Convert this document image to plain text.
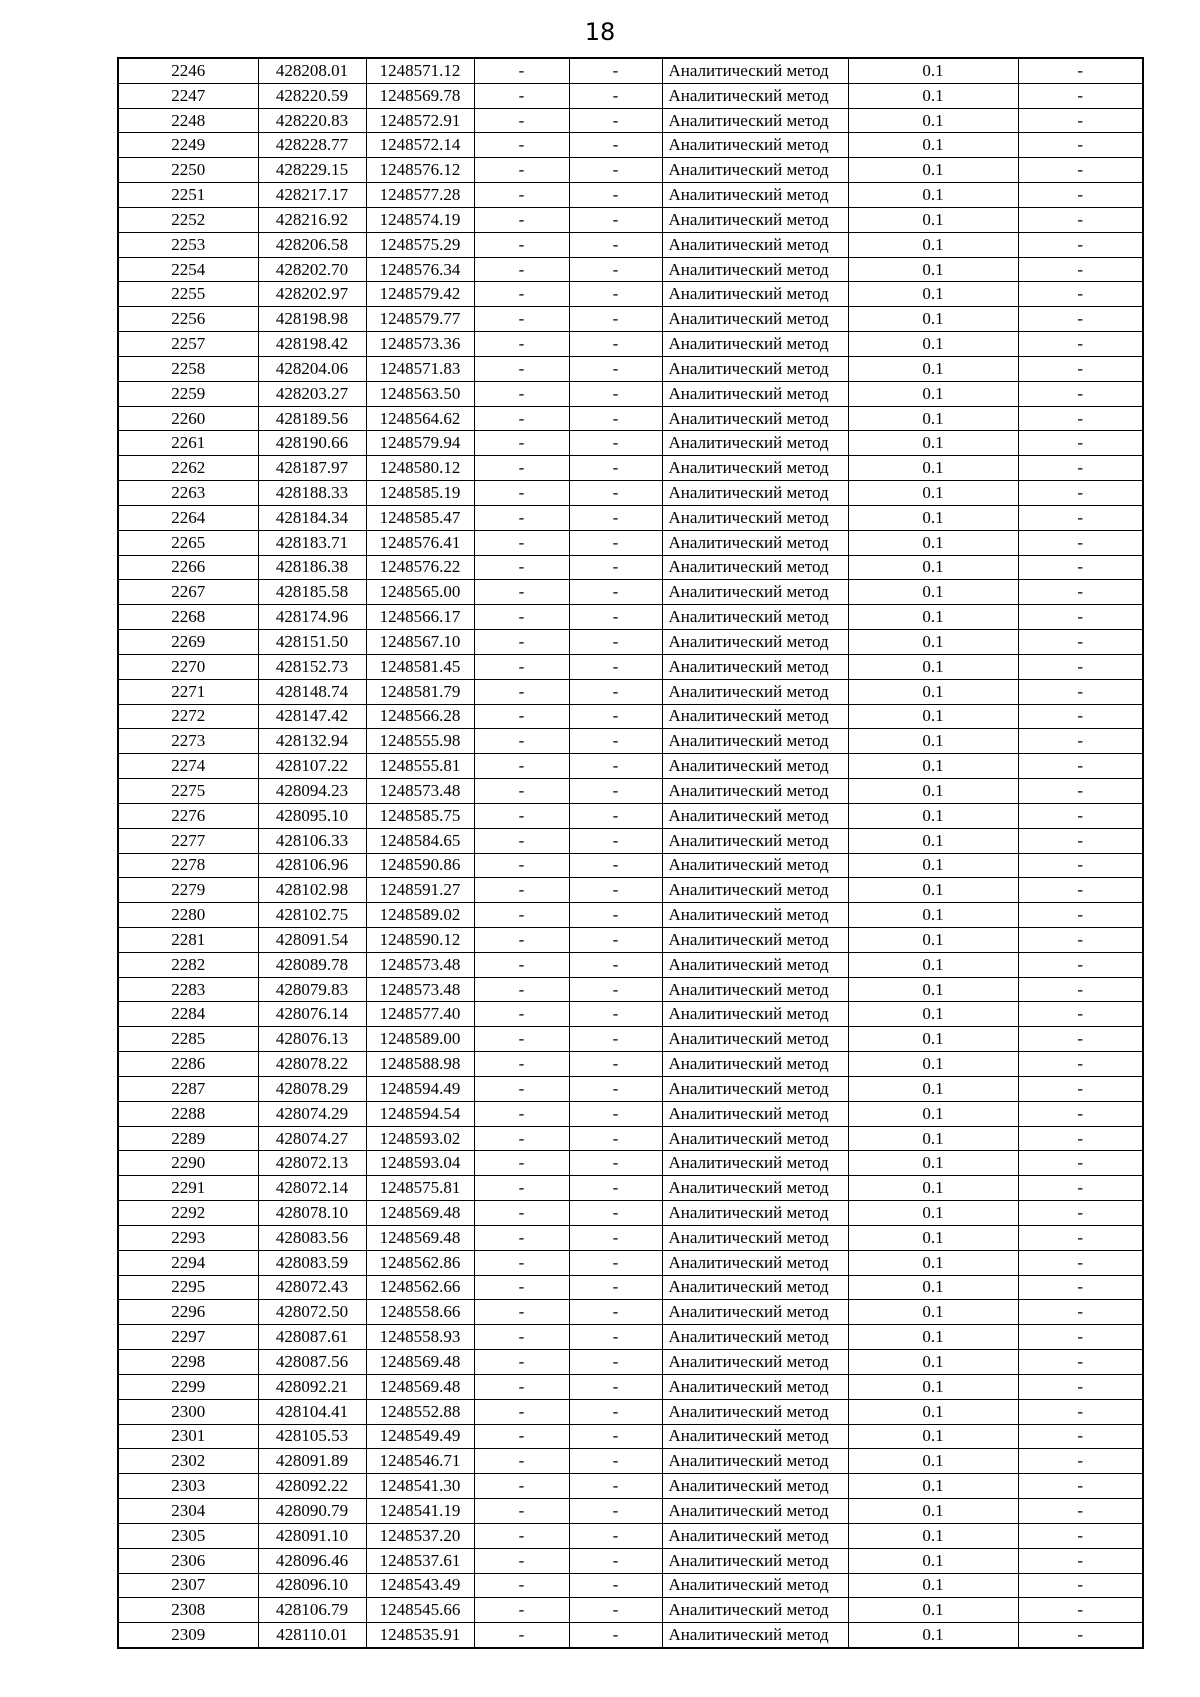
18
2246	428208.01	1248571.12	-	-	Аналитический метод	0.1	-
2247	428220.59	1248569.78	-	-	Аналитический метод	0.1	-
2248	428220.83	1248572.91	-	-	Аналитический метод	0.1	-
2249	428228.77	1248572.14	-	-	Аналитический метод	0.1	-
2250	428229.15	1248576.12	-	-	Аналитический метод	0.1	-
2251	428217.17	1248577.28	-	-	Аналитический метод	0.1	-
2252	428216.92	1248574.19	-	-	Аналитический метод	0.1	-
2253	428206.58	1248575.29	-	-	Аналитический метод	0.1	-
2254	428202.70	1248576.34	-	-	Аналитический метод	0.1	-
2255	428202.97	1248579.42	-	-	Аналитический метод	0.1	-
2256	428198.98	1248579.77	-	-	Аналитический метод	0.1	-
2257	428198.42	1248573.36	-	-	Аналитический метод	0.1	-
2258	428204.06	1248571.83	-	-	Аналитический метод	0.1	-
2259	428203.27	1248563.50	-	-	Аналитический метод	0.1	-
2260	428189.56	1248564.62	-	-	Аналитический метод	0.1	-
2261	428190.66	1248579.94	-	-	Аналитический метод	0.1	-
2262	428187.97	1248580.12	-	-	Аналитический метод	0.1	-
2263	428188.33	1248585.19	-	-	Аналитический метод	0.1	-
2264	428184.34	1248585.47	-	-	Аналитический метод	0.1	-
2265	428183.71	1248576.41	-	-	Аналитический метод	0.1	-
2266	428186.38	1248576.22	-	-	Аналитический метод	0.1	-
2267	428185.58	1248565.00	-	-	Аналитический метод	0.1	-
2268	428174.96	1248566.17	-	-	Аналитический метод	0.1	-
2269	428151.50	1248567.10	-	-	Аналитический метод	0.1	-
2270	428152.73	1248581.45	-	-	Аналитический метод	0.1	-
2271	428148.74	1248581.79	-	-	Аналитический метод	0.1	-
2272	428147.42	1248566.28	-	-	Аналитический метод	0.1	-
2273	428132.94	1248555.98	-	-	Аналитический метод	0.1	-
2274	428107.22	1248555.81	-	-	Аналитический метод	0.1	-
2275	428094.23	1248573.48	-	-	Аналитический метод	0.1	-
2276	428095.10	1248585.75	-	-	Аналитический метод	0.1	-
2277	428106.33	1248584.65	-	-	Аналитический метод	0.1	-
2278	428106.96	1248590.86	-	-	Аналитический метод	0.1	-
2279	428102.98	1248591.27	-	-	Аналитический метод	0.1	-
2280	428102.75	1248589.02	-	-	Аналитический метод	0.1	-
2281	428091.54	1248590.12	-	-	Аналитический метод	0.1	-
2282	428089.78	1248573.48	-	-	Аналитический метод	0.1	-
2283	428079.83	1248573.48	-	-	Аналитический метод	0.1	-
2284	428076.14	1248577.40	-	-	Аналитический метод	0.1	-
2285	428076.13	1248589.00	-	-	Аналитический метод	0.1	-
2286	428078.22	1248588.98	-	-	Аналитический метод	0.1	-
2287	428078.29	1248594.49	-	-	Аналитический метод	0.1	-
2288	428074.29	1248594.54	-	-	Аналитический метод	0.1	-
2289	428074.27	1248593.02	-	-	Аналитический метод	0.1	-
2290	428072.13	1248593.04	-	-	Аналитический метод	0.1	-
2291	428072.14	1248575.81	-	-	Аналитический метод	0.1	-
2292	428078.10	1248569.48	-	-	Аналитический метод	0.1	-
2293	428083.56	1248569.48	-	-	Аналитический метод	0.1	-
2294	428083.59	1248562.86	-	-	Аналитический метод	0.1	-
2295	428072.43	1248562.66	-	-	Аналитический метод	0.1	-
2296	428072.50	1248558.66	-	-	Аналитический метод	0.1	-
2297	428087.61	1248558.93	-	-	Аналитический метод	0.1	-
2298	428087.56	1248569.48	-	-	Аналитический метод	0.1	-
2299	428092.21	1248569.48	-	-	Аналитический метод	0.1	-
2300	428104.41	1248552.88	-	-	Аналитический метод	0.1	-
2301	428105.53	1248549.49	-	-	Аналитический метод	0.1	-
2302	428091.89	1248546.71	-	-	Аналитический метод	0.1	-
2303	428092.22	1248541.30	-	-	Аналитический метод	0.1	-
2304	428090.79	1248541.19	-	-	Аналитический метод	0.1	-
2305	428091.10	1248537.20	-	-	Аналитический метод	0.1	-
2306	428096.46	1248537.61	-	-	Аналитический метод	0.1	-
2307	428096.10	1248543.49	-	-	Аналитический метод	0.1	-
2308	428106.79	1248545.66	-	-	Аналитический метод	0.1	-
2309	428110.01	1248535.91	-	-	Аналитический метод	0.1	-
